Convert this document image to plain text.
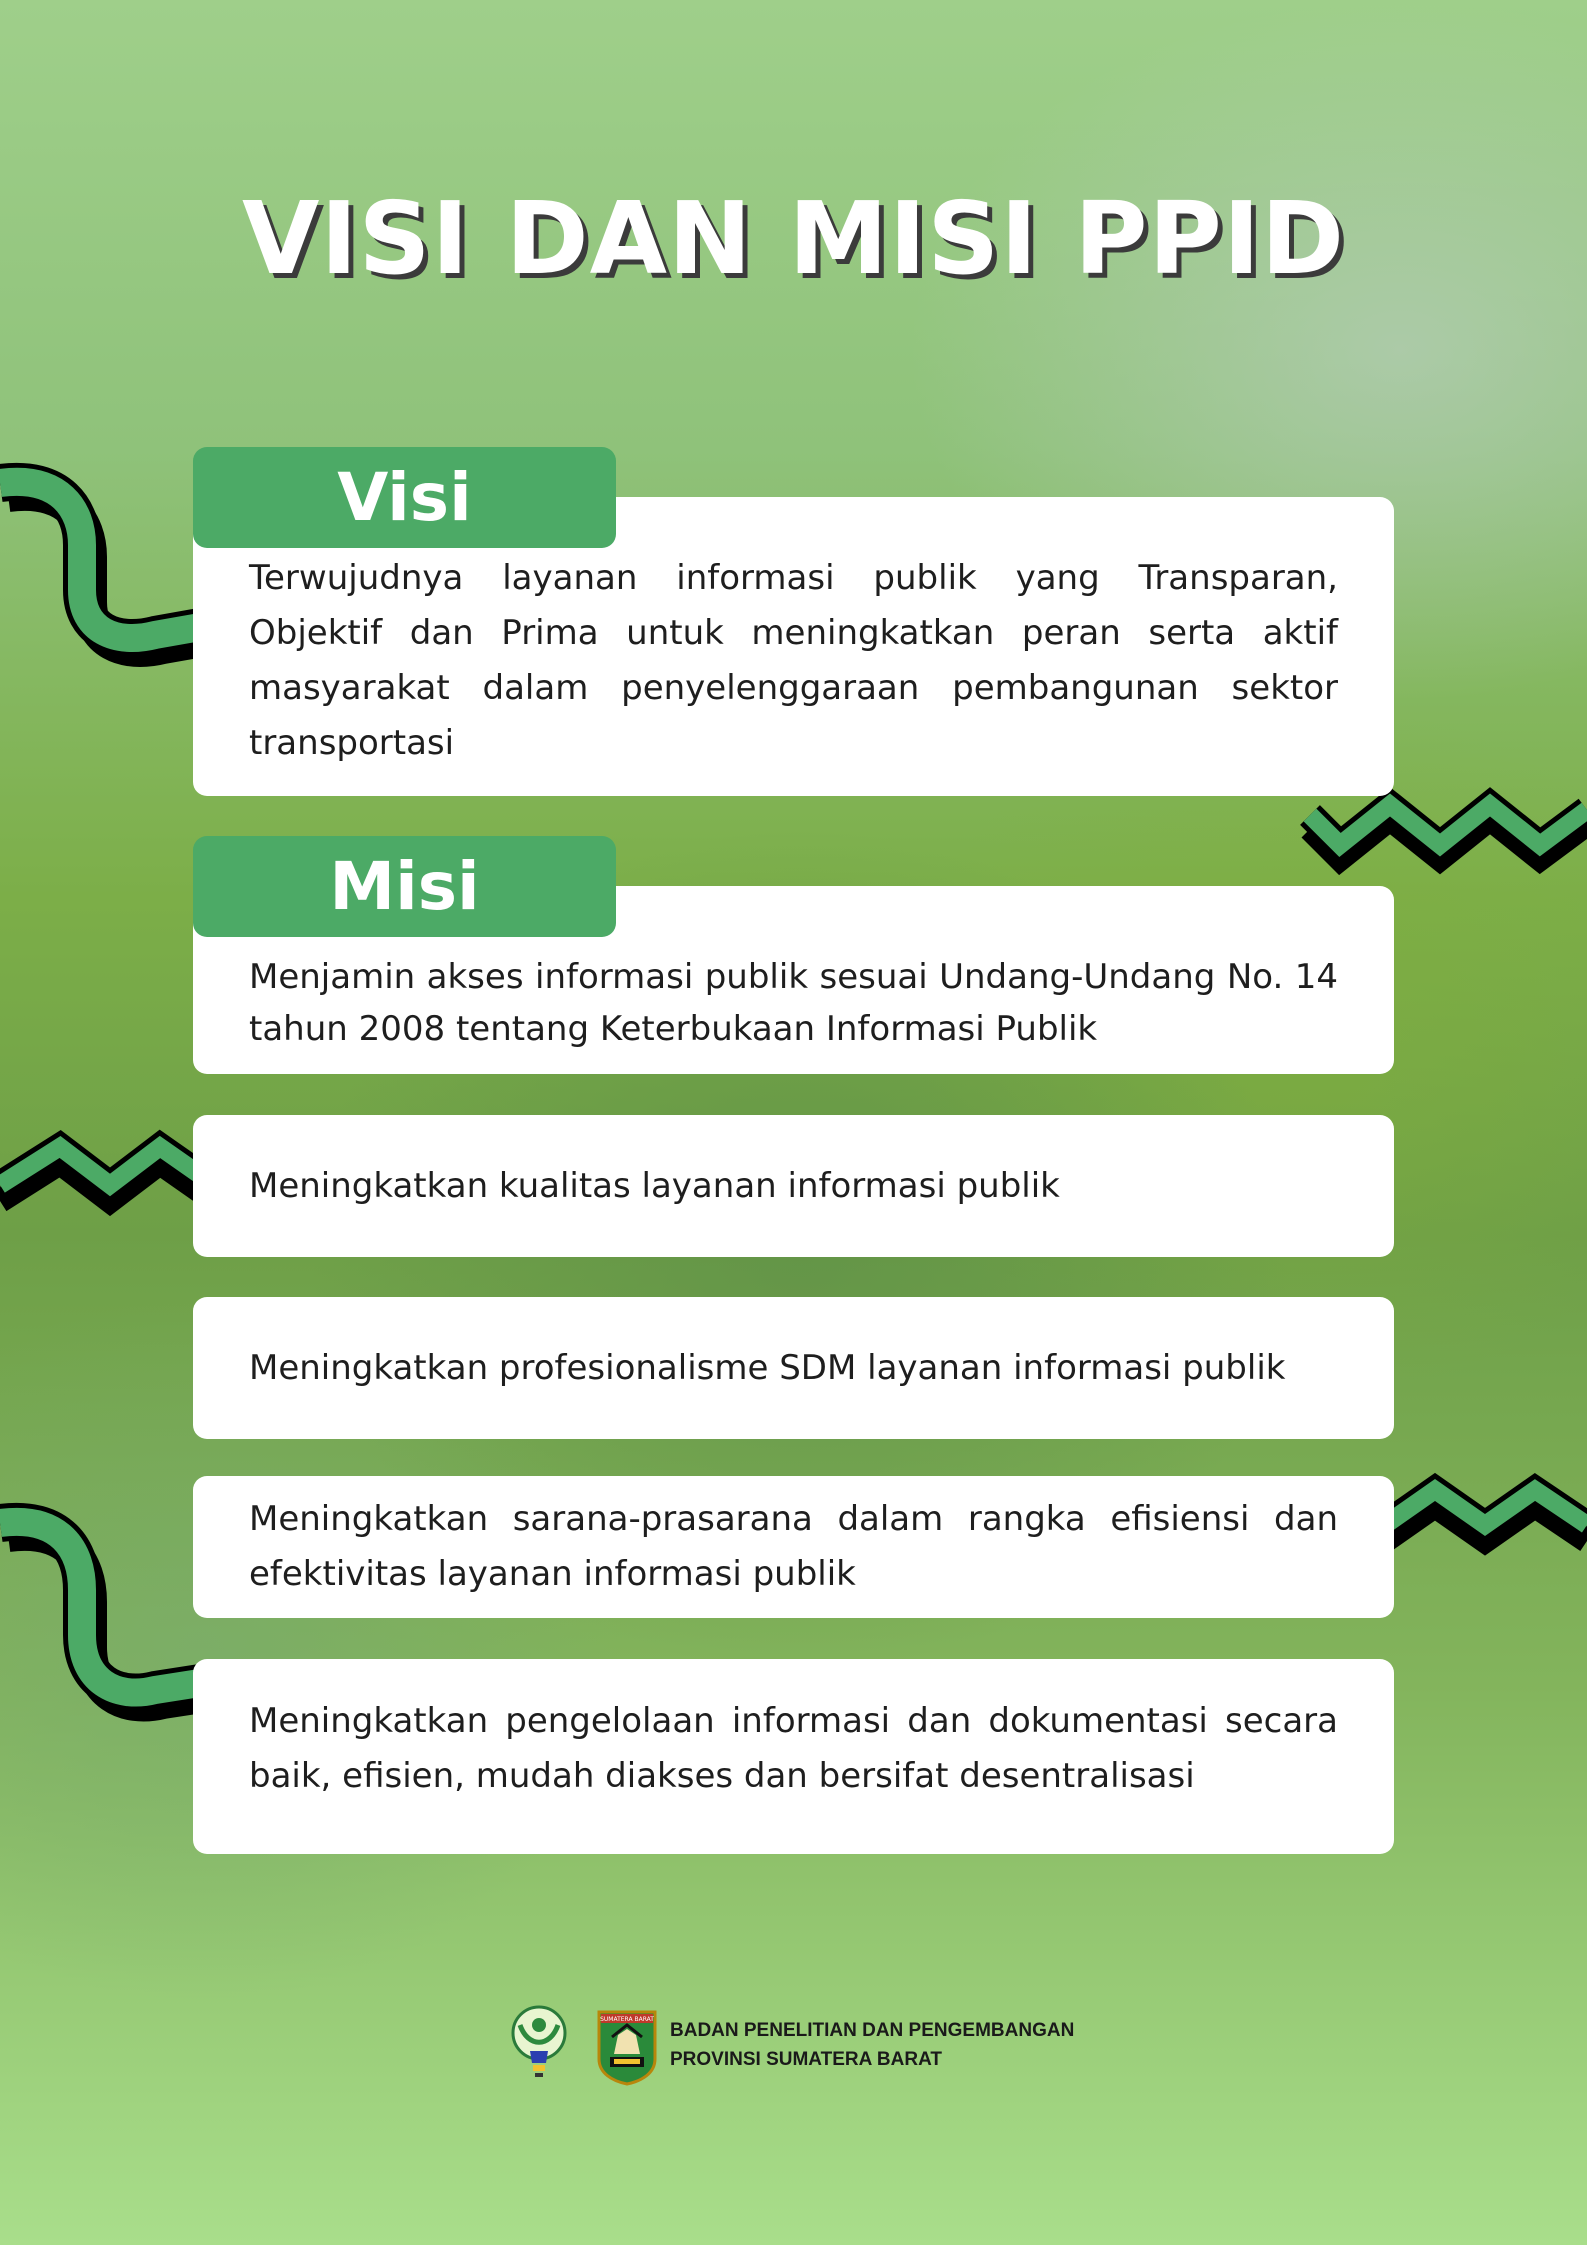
VISI DAN MISI PPID

Terwujudnya layanan informasi publik yang Transparan, Objektif dan Prima untuk meningkatkan peran serta aktif masyarakat dalam penyelenggaraan pembangunan sektor transportasi

Visi

Menjamin akses informasi publik sesuai Undang-Undang No. 14 tahun 2008 tentang Keterbukaan Informasi Publik

Misi

Meningkatkan kualitas layanan informasi publik

Meningkatkan profesionalisme SDM layanan informasi publik

Meningkatkan sarana-prasarana dalam rangka efisiensi dan efektivitas layanan informasi publik

Meningkatkan pengelolaan informasi dan dokumentasi secara baik, efisien, mudah diakses dan bersifat desentralisasi

SUMATERA BARAT
BADAN PENELITIAN DAN PENGEMBANGAN
PROVINSI SUMATERA BARAT
